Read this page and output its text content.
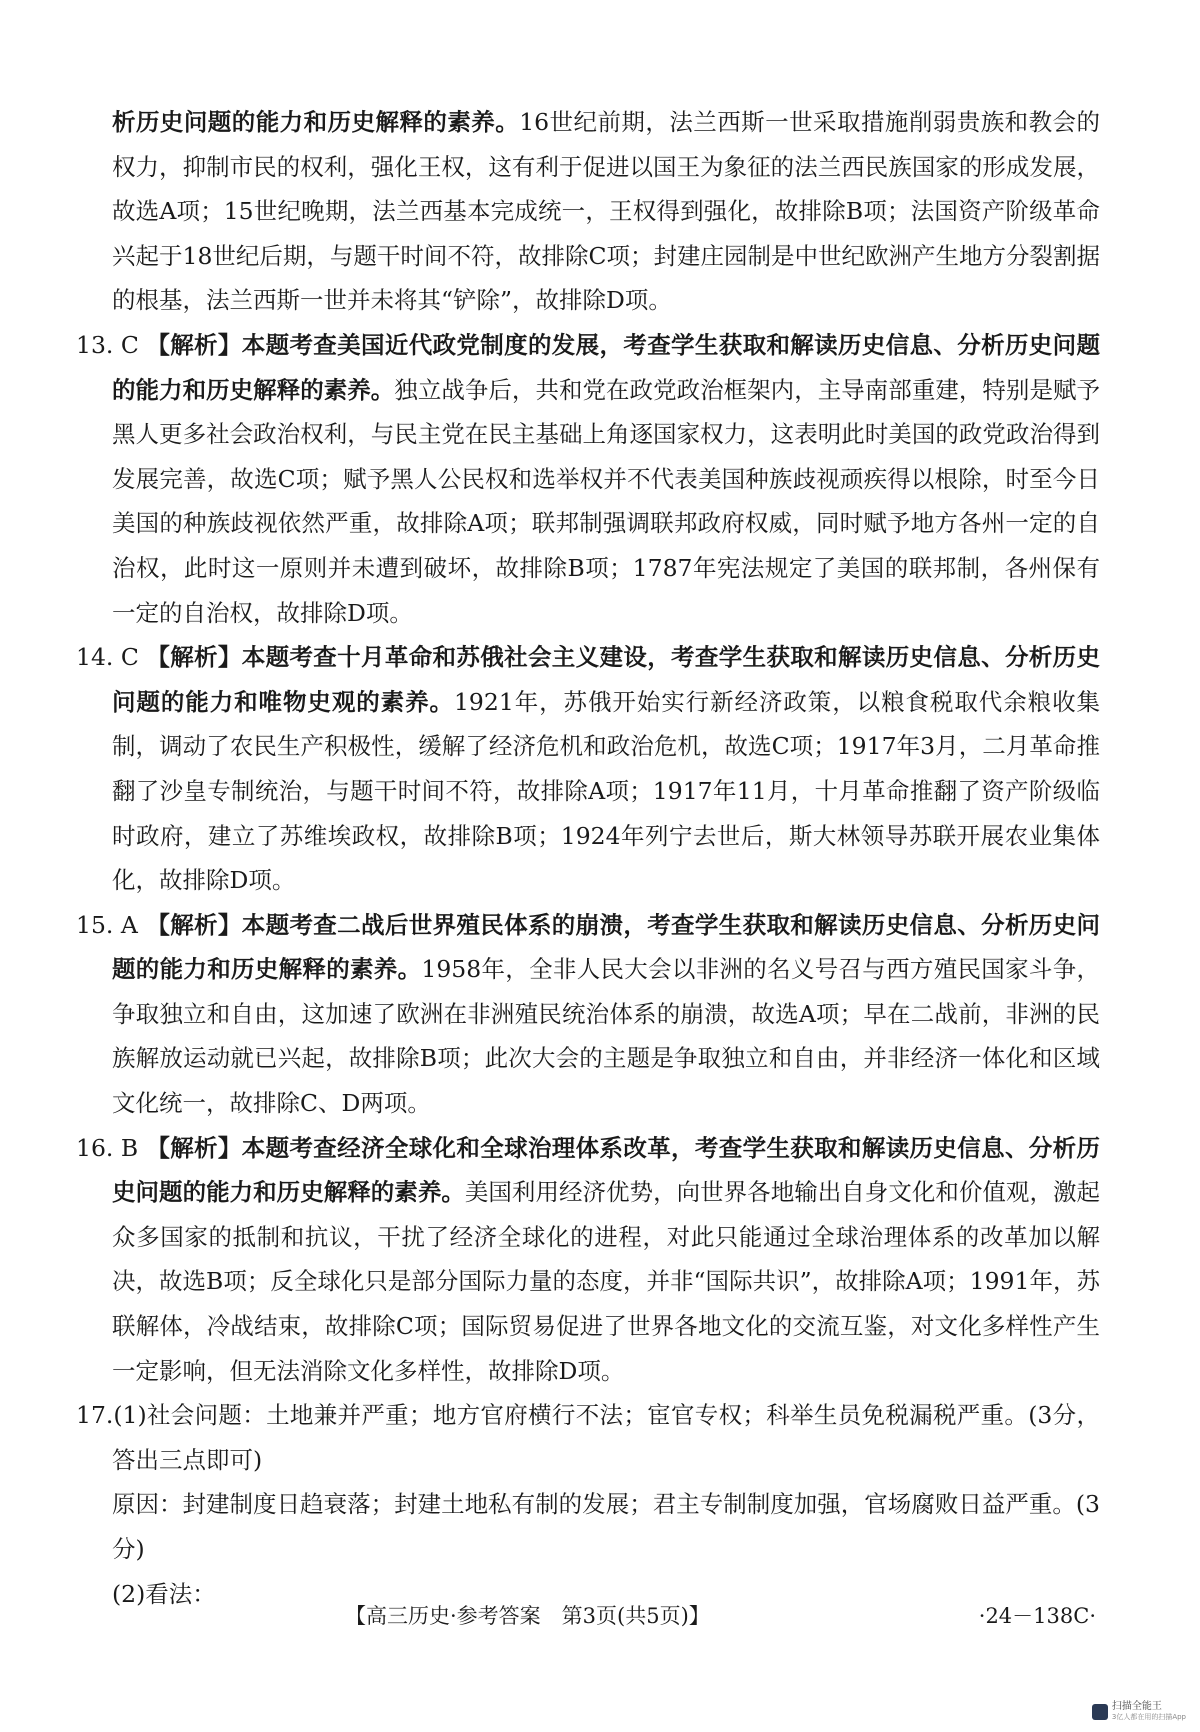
析历史问题的能力和历史解释的素养。16世纪前期，法兰西斯一世采取措施削弱贵族和教会的权力，抑制市民的权利，强化王权，这有利于促进以国王为象征的法兰西民族国家的形成发展，故选A项；15世纪晚期，法兰西基本完成统一，王权得到强化，故排除B项；法国资产阶级革命兴起于18世纪后期，与题干时间不符，故排除C项；封建庄园制是中世纪欧洲产生地方分裂割据的根基，法兰西斯一世并未将其“铲除”，故排除D项。

13. C 【解析】本题考查美国近代政党制度的发展，考查学生获取和解读历史信息、分析历史问题的能力和历史解释的素养。独立战争后，共和党在政党政治框架内，主导南部重建，特别是赋予黑人更多社会政治权利，与民主党在民主基础上角逐国家权力，这表明此时美国的政党政治得到发展完善，故选C项；赋予黑人公民权和选举权并不代表美国种族歧视顽疾得以根除，时至今日美国的种族歧视依然严重，故排除A项；联邦制强调联邦政府权威，同时赋予地方各州一定的自治权，此时这一原则并未遭到破坏，故排除B项；1787年宪法规定了美国的联邦制，各州保有一定的自治权，故排除D项。

14. C 【解析】本题考查十月革命和苏俄社会主义建设，考查学生获取和解读历史信息、分析历史问题的能力和唯物史观的素养。1921年，苏俄开始实行新经济政策，以粮食税取代余粮收集制，调动了农民生产积极性，缓解了经济危机和政治危机，故选C项；1917年3月，二月革命推翻了沙皇专制统治，与题干时间不符，故排除A项；1917年11月，十月革命推翻了资产阶级临时政府，建立了苏维埃政权，故排除B项；1924年列宁去世后，斯大林领导苏联开展农业集体化，故排除D项。

15. A 【解析】本题考查二战后世界殖民体系的崩溃，考查学生获取和解读历史信息、分析历史问题的能力和历史解释的素养。1958年，全非人民大会以非洲的名义号召与西方殖民国家斗争，争取独立和自由，这加速了欧洲在非洲殖民统治体系的崩溃，故选A项；早在二战前，非洲的民族解放运动就已兴起，故排除B项；此次大会的主题是争取独立和自由，并非经济一体化和区域文化统一，故排除C、D两项。

16. B 【解析】本题考查经济全球化和全球治理体系改革，考查学生获取和解读历史信息、分析历史问题的能力和历史解释的素养。美国利用经济优势，向世界各地输出自身文化和价值观，激起众多国家的抵制和抗议，干扰了经济全球化的进程，对此只能通过全球治理体系的改革加以解决，故选B项；反全球化只是部分国际力量的态度，并非“国际共识”，故排除A项；1991年，苏联解体，冷战结束，故排除C项；国际贸易促进了世界各地文化的交流互鉴，对文化多样性产生一定影响，但无法消除文化多样性，故排除D项。

17.(1)社会问题：土地兼并严重；地方官府横行不法；宦官专权；科举生员免税漏税严重。(3分，答出三点即可)

原因：封建制度日趋衰落；封建土地私有制的发展；君主专制制度加强，官场腐败日益严重。(3分)

(2)看法：

【高三历史·参考答案　第3页(共5页)】	·24－138C·
扫描全能王
3亿人都在用的扫描App
